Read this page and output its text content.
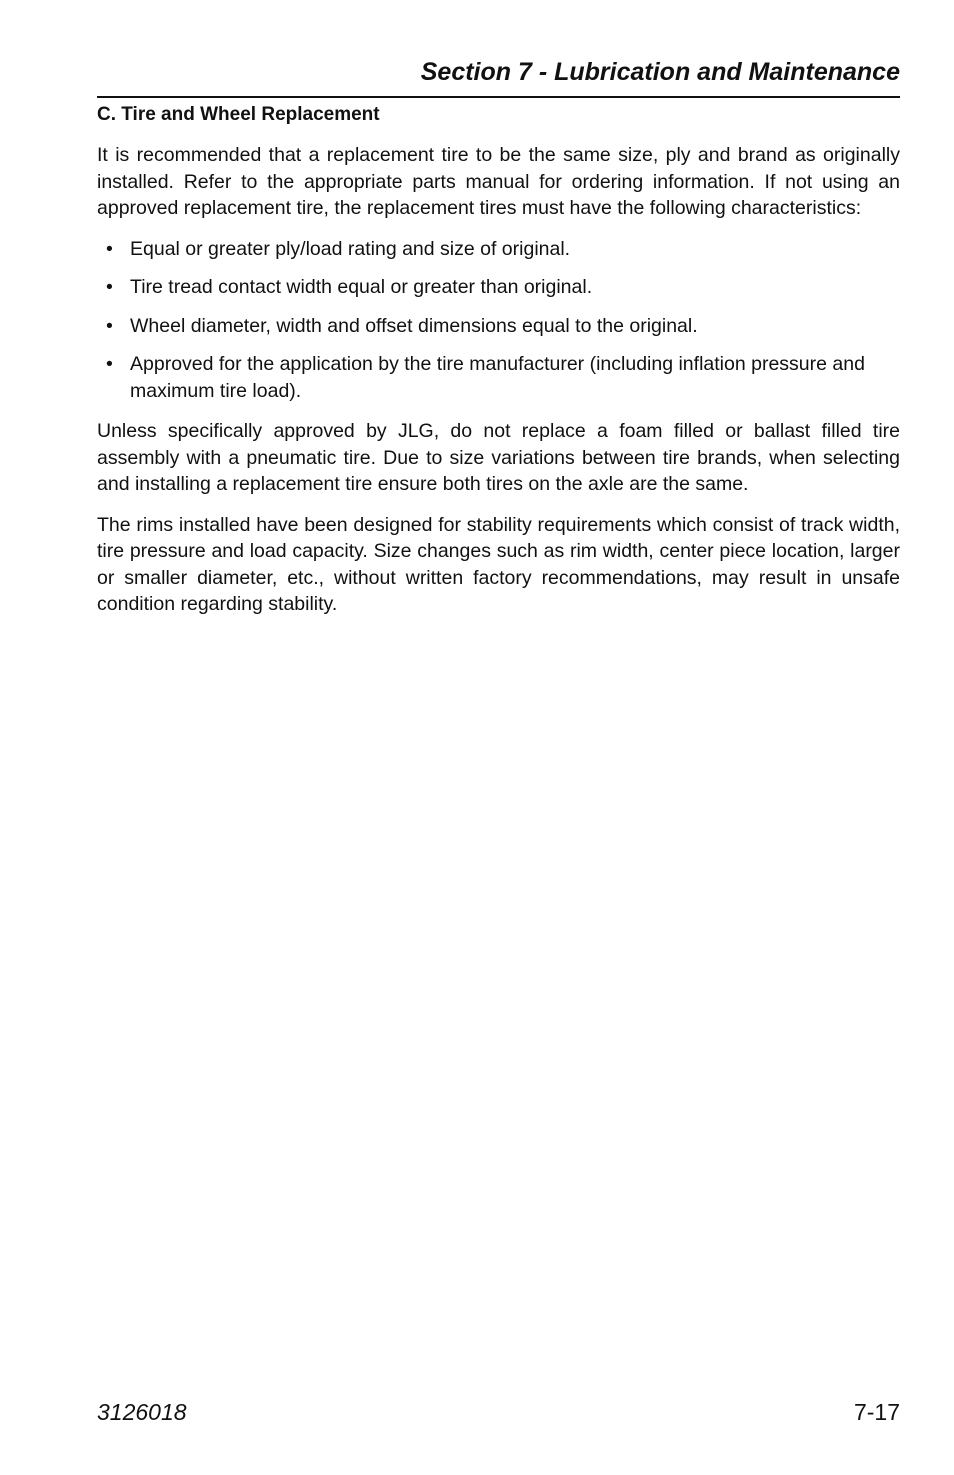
Section 7 - Lubrication and Maintenance
C. Tire and Wheel Replacement

It is recommended that a replacement tire to be the same size, ply and brand as originally installed. Refer to the appropriate parts manual for ordering information. If not using an approved replacement tire, the replacement tires must have the following characteristics:

• Equal or greater ply/load rating and size of original.
• Tire tread contact width equal or greater than original.
• Wheel diameter, width and offset dimensions equal to the original.
• Approved for the application by the tire manufacturer (including inflation pressure and maximum tire load).

Unless specifically approved by JLG, do not replace a foam filled or ballast filled tire assembly with a pneumatic tire. Due to size variations between tire brands, when selecting and installing a replacement tire ensure both tires on the axle are the same.

The rims installed have been designed for stability requirements which consist of track width, tire pressure and load capacity. Size changes such as rim width, center piece location, larger or smaller diameter, etc., without written factory recommendations, may result in unsafe condition regarding stability.

3126018	7-17
